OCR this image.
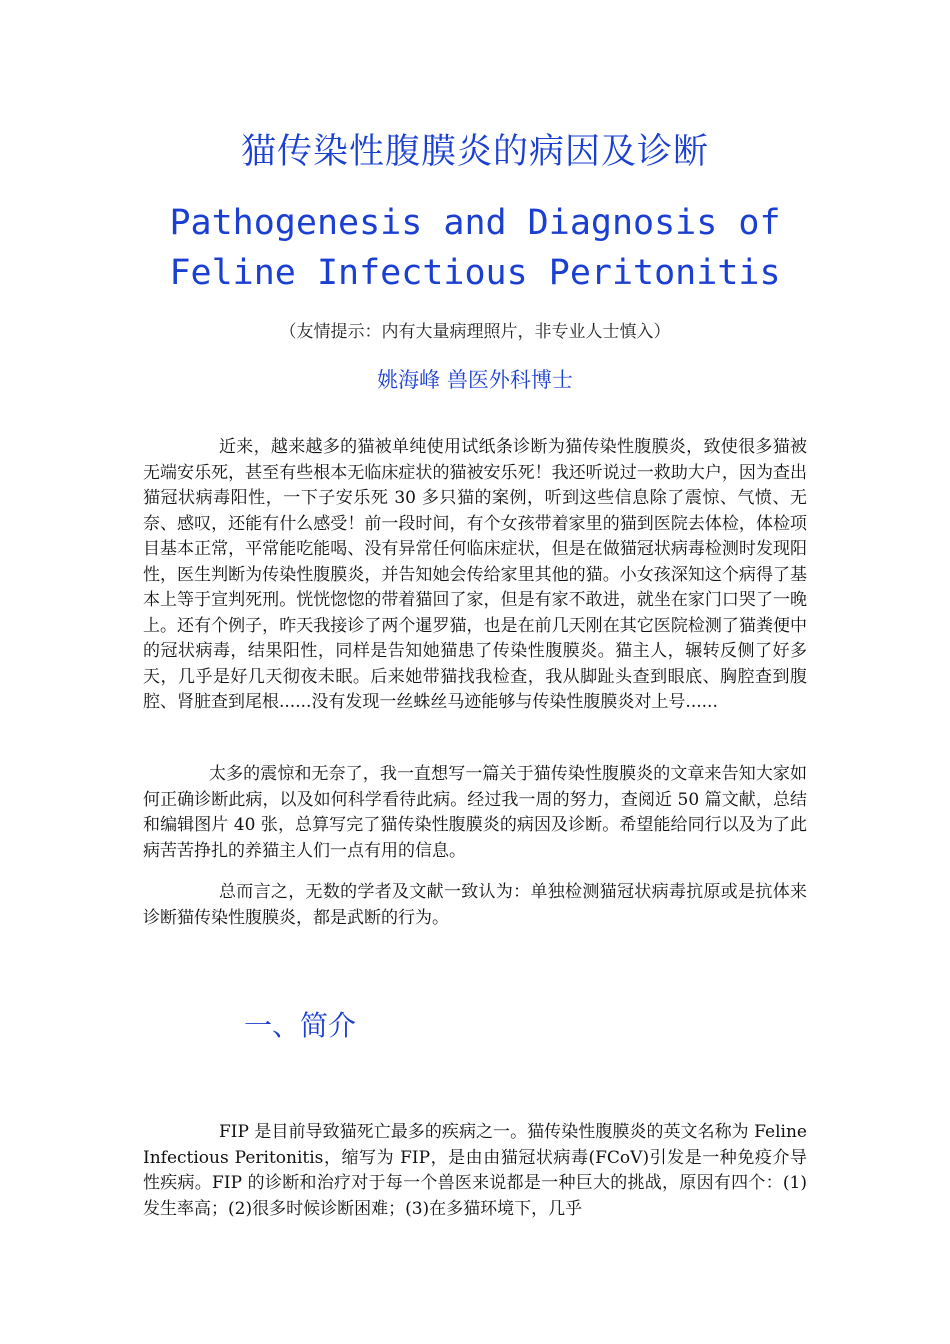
猫传染性腹膜炎的病因及诊断
Pathogenesis and Diagnosis of
Feline Infectious Peritonitis
（友情提示：内有大量病理照片，非专业人士慎入）
姚海峰 兽医外科博士

近来，越来越多的猫被单纯使用试纸条诊断为猫传染性腹膜炎，致使很多猫被无端安乐死，甚至有些根本无临床症状的猫被安乐死！我还听说过一救助大户，因为查出猫冠状病毒阳性，一下子安乐死 30 多只猫的案例，听到这些信息除了震惊、气愤、无奈、感叹，还能有什么感受！前一段时间，有个女孩带着家里的猫到医院去体检，体检项目基本正常，平常能吃能喝、没有异常任何临床症状，但是在做猫冠状病毒检测时发现阳性，医生判断为传染性腹膜炎，并告知她会传给家里其他的猫。小女孩深知这个病得了基本上等于宣判死刑。恍恍惚惚的带着猫回了家，但是有家不敢进，就坐在家门口哭了一晚上。还有个例子，昨天我接诊了两个暹罗猫，也是在前几天刚在其它医院检测了猫粪便中的冠状病毒，结果阳性，同样是告知她猫患了传染性腹膜炎。猫主人，辗转反侧了好多天，几乎是好几天彻夜未眠。后来她带猫找我检查，我从脚趾头查到眼底、胸腔查到腹腔、肾脏查到尾根......没有发现一丝蛛丝马迹能够与传染性腹膜炎对上号......

太多的震惊和无奈了，我一直想写一篇关于猫传染性腹膜炎的文章来告知大家如何正确诊断此病，以及如何科学看待此病。经过我一周的努力，查阅近 50 篇文献，总结和编辑图片 40 张，总算写完了猫传染性腹膜炎的病因及诊断。希望能给同行以及为了此病苦苦挣扎的养猫主人们一点有用的信息。

总而言之，无数的学者及文献一致认为：单独检测猫冠状病毒抗原或是抗体来诊断猫传染性腹膜炎，都是武断的行为。

一、简介

FIP 是目前导致猫死亡最多的疾病之一。猫传染性腹膜炎的英文名称为 Feline Infectious Peritonitis，缩写为 FIP，是由由猫冠状病毒(FCoV)引发是一种免疫介导性疾病。FIP 的诊断和治疗对于每一个兽医来说都是一种巨大的挑战，原因有四个：(1)发生率高；(2)很多时候诊断困难；(3)在多猫环境下，几乎
